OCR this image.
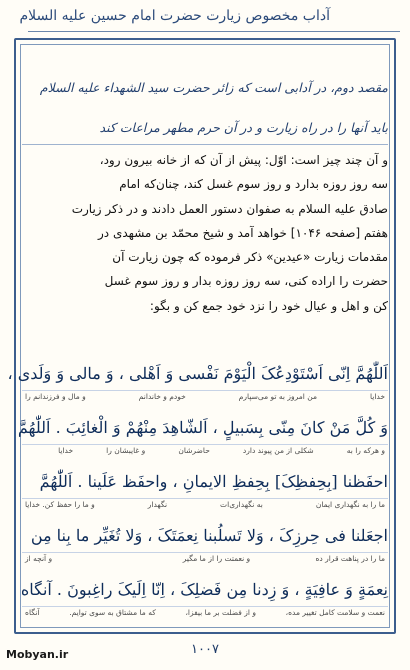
آداب مخصوص زیارت حضرت امام حسین علیه السلام
مقصد دوم، در آدابی است که زائر حضرت سید الشهداء علیه السلام
باید آنها را در راه زیارت و در آن حرم مطهر مراعات کند
و آن چند چیز است: اوّل: پیش از آن که از خانه بیرون رود،
سه روز روزه بدارد و روز سوم غسل کند، چنان‌که امام
صادق علیه السلام به صفوان دستور العمل دادند و در ذکر زیارت
هفتم [صفحه ۱۰۴۶] خواهد آمد و شیخ محمّد بن مشهدی در
مقدمات زیارت «عیدین» ذکر فرموده که چون زیارت آن
حضرت را اراده کنی، سه روز روزه بدار و روز سوم غسل
کن و اهل و عیال خود را نزد خود جمع کن و بگو:
اَللّٰهُمَّ اِنّی اَسْتَوْدِعُکَ الْیَوْمَ نَفْسی وَ اَهْلی ، وَ مالی وَ وَلَدی ،
خدایا
من امروز به تو می‌سپارم
خودم و خاندانم
و مال و فرزندانم را
وَ کُلَّ مَنْ کانَ مِنّی بِسَبیلٍ ، اَلشّاهِدَ مِنْهُمْ وَ الْغائِبَ . اَللّٰهُمَّ
و هرکه را به
شکلی از من پیوند دارد
حاضرشان
و غایبشان را
خدایا
احفَظنا [بِحِفظِکَ] بِحِفظِ الایمانِ ، واحفَظ عَلَینا . اَللّٰهُمَّ
ما را به نگهداری ایمان
به نگهداری‌ات
نگهدار
و ما را حفظ کن. خدایا
اجعَلنا فی حِرزِکَ ، وَلا تَسلُبنا نِعمَتَکَ ، وَلا تُغَیِّر ما بِنا مِن
ما را در پناهت قرار ده
و نعمتت را از ما مگیر
و آنچه از
نِعمَةٍ وَ عافِیَةٍ ، وَ زِدنا مِن فَضلِکَ ، اِنّا اِلَیکَ راغِبونَ . آنگاه
نعمت و سلامت کامل تغییر مده،
و از فضلت بر ما بیفزا،
که ما مشتاق به سوی توایم.
آنگاه
۱۰۰۷
Mobyan.ir
